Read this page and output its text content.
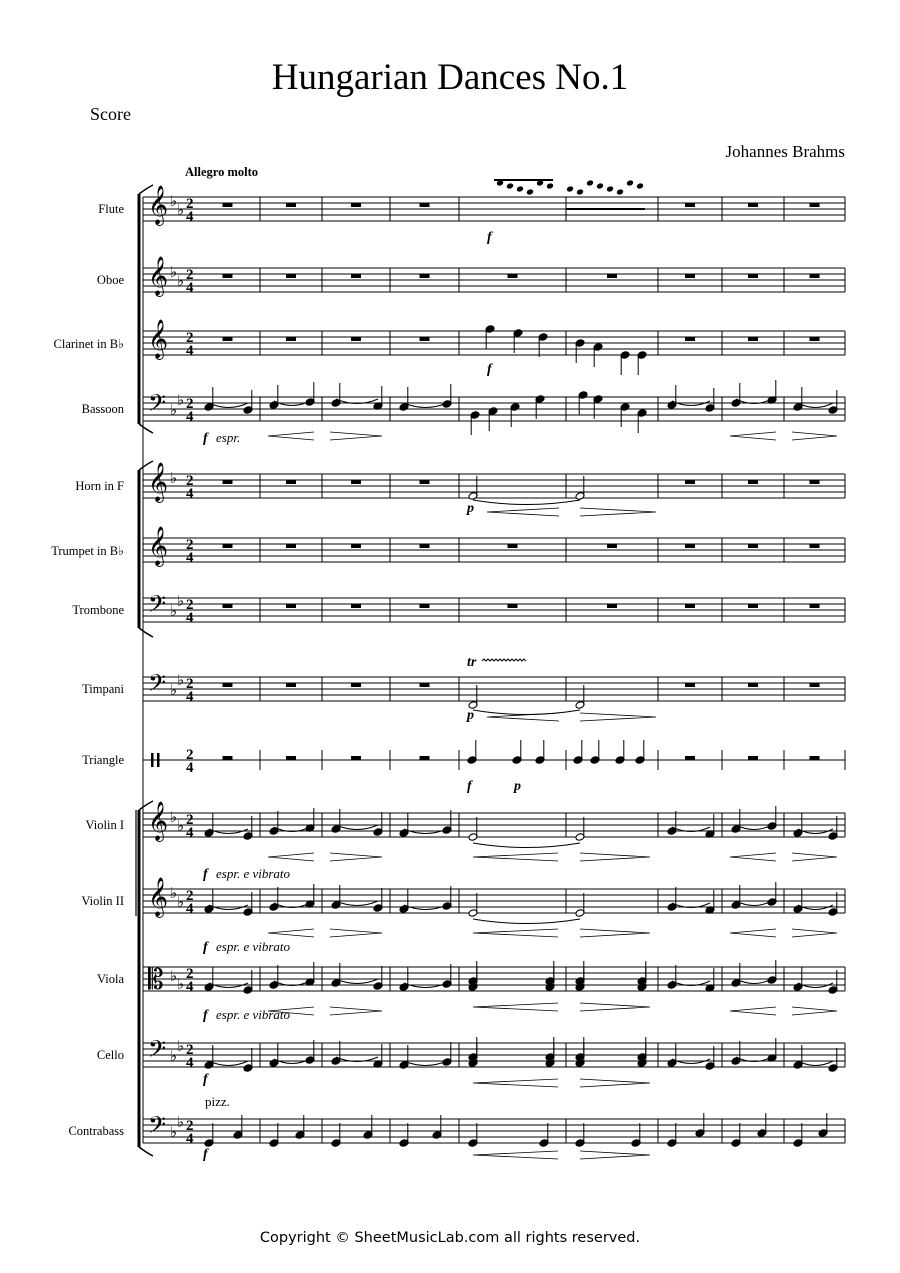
Hungarian Dances No.1
Score
Johannes Brahms
Allegro molto
Flute
Oboe
Clarinet in B♭
Bassoon
Horn in F
Trumpet in B♭
Trombone
Timpani
Triangle
Violin I
Violin II
Viola
Cello
Contrabass
𝄞 ♭
♭ 2
4
𝄞 ♭
♭ 2
4
𝄞 2
4
𝄢 ♭
♭ 2
4
𝄞 ♭ 2
4
𝄞 2
4
𝄢 ♭
♭ 2
4
𝄢 ♭
♭ 2
4
2
4
𝄞 ♭
♭ 2
4
𝄞 ♭
♭ 2
4
𝄡 ♭ ♭
2
4
𝄢 ♭
♭ 2
4
𝄢 ♭
♭ 2
4
f espr.
f
f
p
p
f	p
f espr. e vibrato
f espr. e vibrato
f espr. e vibrato
f
pizz.
f
tr
Copyright © SheetMusicLab.com all rights reserved.
